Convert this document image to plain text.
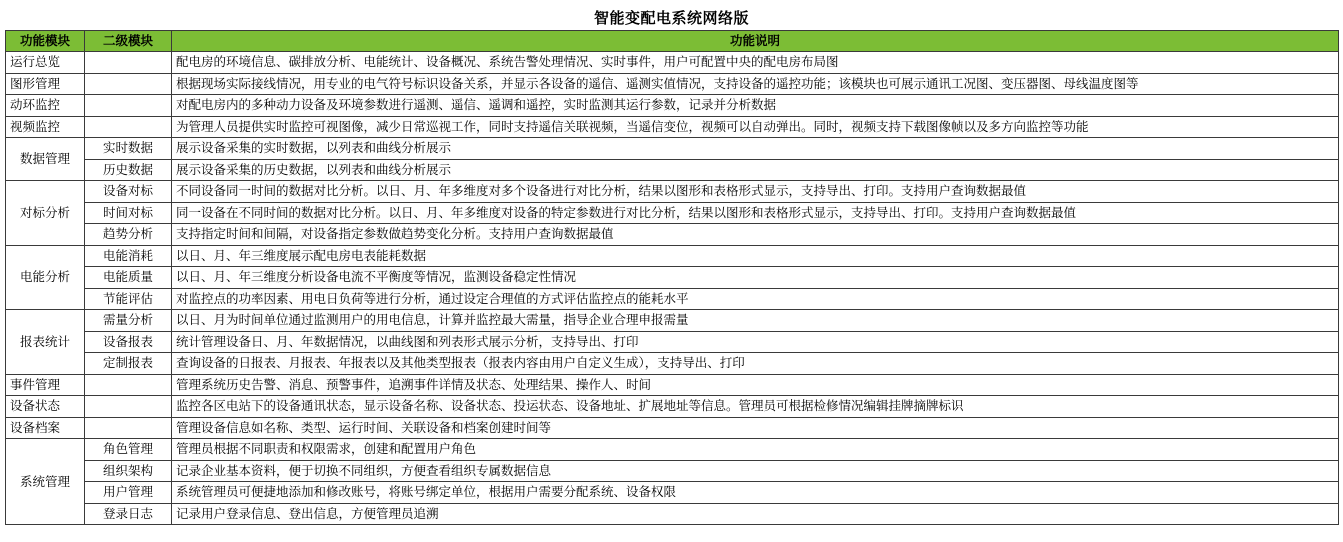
智能变配电系统网络版
功能模块	二级模块	功能说明
运行总览		配电房的环境信息、碳排放分析、电能统计、设备概况、系统告警处理情况、实时事件，用户可配置中央的配电房布局图
图形管理		根据现场实际接线情况，用专业的电气符号标识设备关系，并显示各设备的遥信、遥测实值情况，支持设备的遥控功能；该模块也可展示通讯工况图、变压器图、母线温度图等
动环监控		对配电房内的多种动力设备及环境参数进行遥测、遥信、遥调和遥控，实时监测其运行参数，记录并分析数据
视频监控		为管理人员提供实时监控可视图像，减少日常巡视工作，同时支持遥信关联视频，当遥信变位，视频可以自动弹出。同时，视频支持下载图像帧以及多方向监控等功能
数据管理	实时数据	展示设备采集的实时数据，以列表和曲线分析展示
	历史数据	展示设备采集的历史数据，以列表和曲线分析展示
对标分析	设备对标	不同设备同一时间的数据对比分析。以日、月、年多维度对多个设备进行对比分析，结果以图形和表格形式显示，支持导出、打印。支持用户查询数据最值
	时间对标	同一设备在不同时间的数据对比分析。以日、月、年多维度对设备的特定参数进行对比分析，结果以图形和表格形式显示，支持导出、打印。支持用户查询数据最值
	趋势分析	支持指定时间和间隔，对设备指定参数做趋势变化分析。支持用户查询数据最值
电能分析	电能消耗	以日、月、年三维度展示配电房电表能耗数据
	电能质量	以日、月、年三维度分析设备电流不平衡度等情况，监测设备稳定性情况
	节能评估	对监控点的功率因素、用电日负荷等进行分析，通过设定合理值的方式评估监控点的能耗水平
报表统计	需量分析	以日、月为时间单位通过监测用户的用电信息，计算并监控最大需量，指导企业合理申报需量
	设备报表	统计管理设备日、月、年数据情况，以曲线图和列表形式展示分析，支持导出、打印
	定制报表	查询设备的日报表、月报表、年报表以及其他类型报表（报表内容由用户自定义生成），支持导出、打印
事件管理		管理系统历史告警、消息、预警事件，追溯事件详情及状态、处理结果、操作人、时间
设备状态		监控各区电站下的设备通讯状态，显示设备名称、设备状态、投运状态、设备地址、扩展地址等信息。管理员可根据检修情况编辑挂牌摘牌标识
设备档案		管理设备信息如名称、类型、运行时间、关联设备和档案创建时间等
系统管理	角色管理	管理员根据不同职责和权限需求，创建和配置用户角色
	组织架构	记录企业基本资料，便于切换不同组织，方便查看组织专属数据信息
	用户管理	系统管理员可便捷地添加和修改账号，将账号绑定单位，根据用户需要分配系统、设备权限
	登录日志	记录用户登录信息、登出信息，方便管理员追溯
